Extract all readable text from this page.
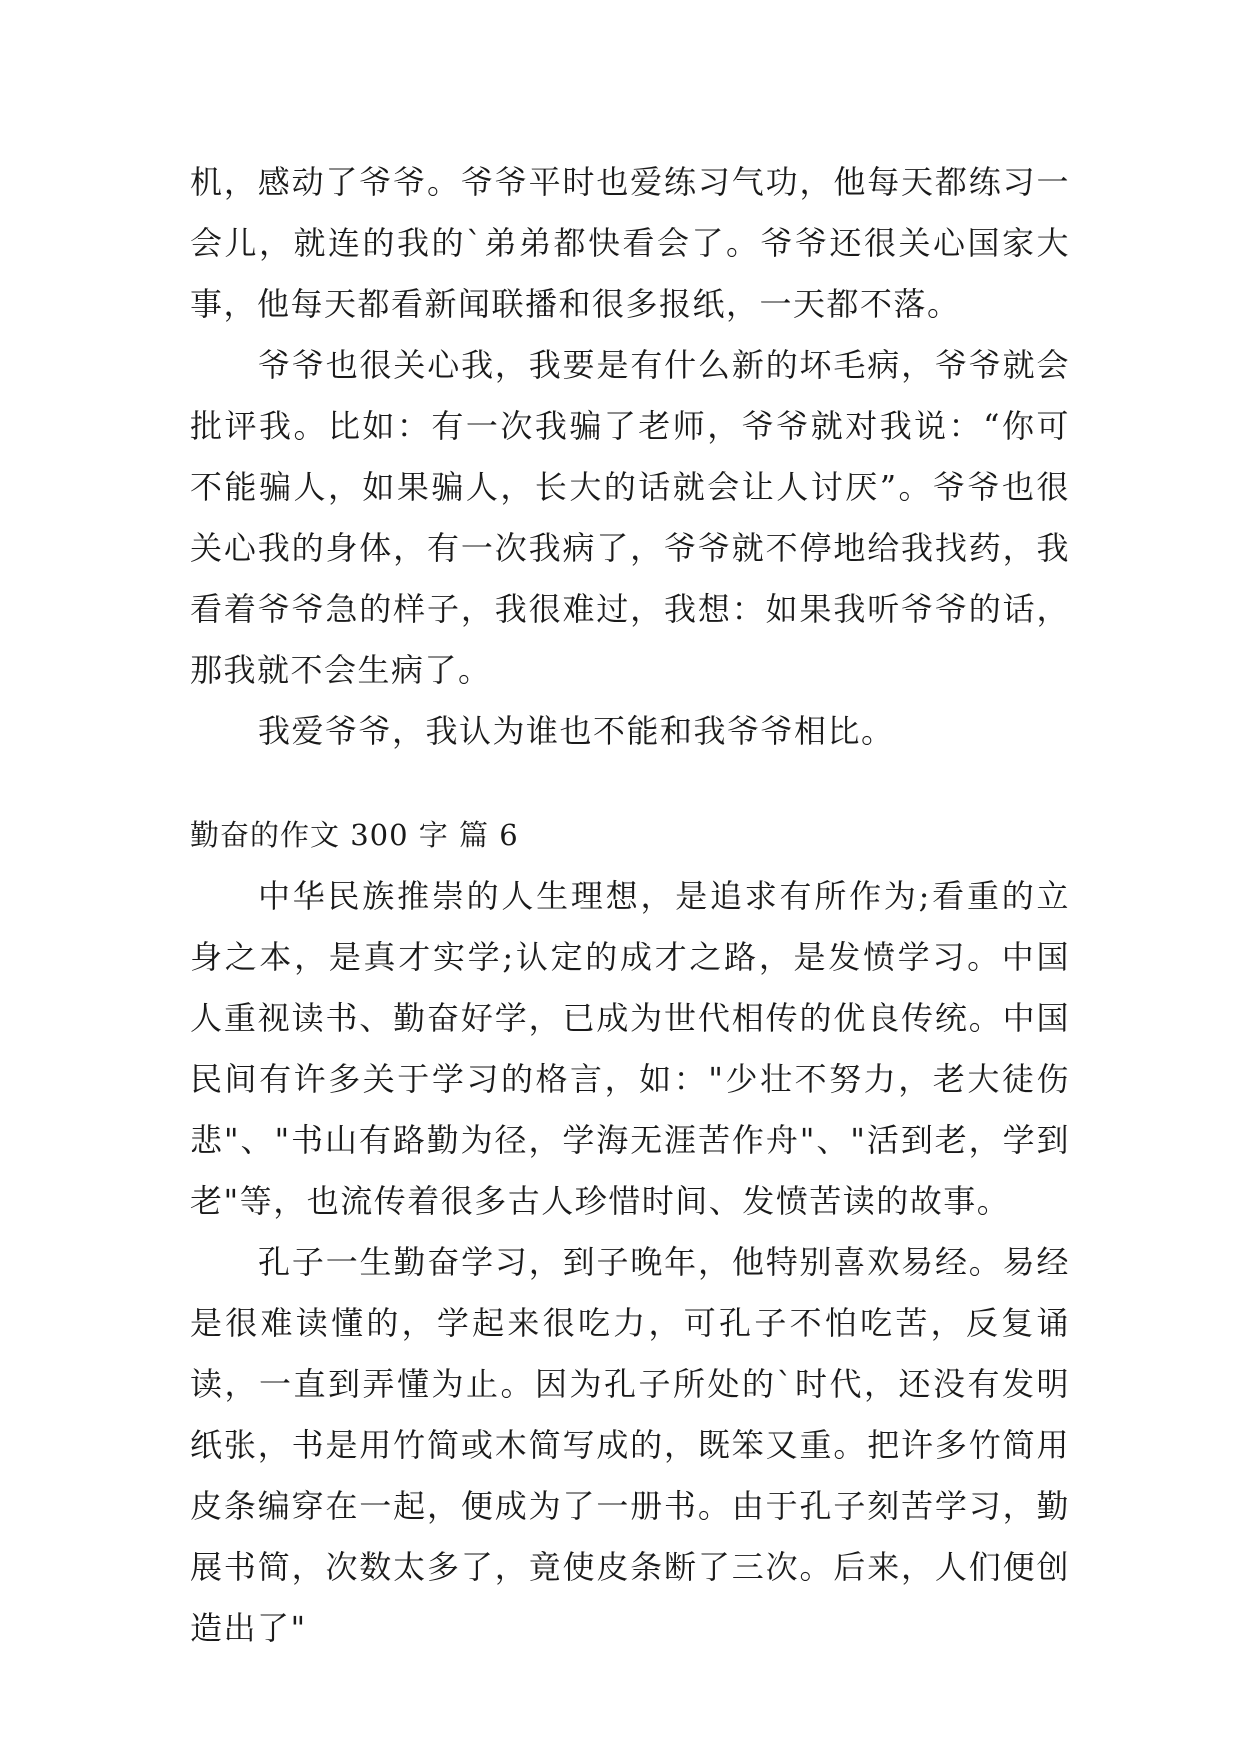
机，感动了爷爷。爷爷平时也爱练习气功，他每天都练习一会儿，就连的我的`弟弟都快看会了。爷爷还很关心国家大事，他每天都看新闻联播和很多报纸，一天都不落。

爷爷也很关心我，我要是有什么新的坏毛病，爷爷就会批评我。比如：有一次我骗了老师，爷爷就对我说：“你可不能骗人，如果骗人，长大的话就会让人讨厌”。爷爷也很关心我的身体，有一次我病了，爷爷就不停地给我找药，我看着爷爷急的样子，我很难过，我想：如果我听爷爷的话，那我就不会生病了。

我爱爷爷，我认为谁也不能和我爷爷相比。

勤奋的作文 300 字 篇 6

中华民族推崇的人生理想，是追求有所作为;看重的立身之本，是真才实学;认定的成才之路，是发愤学习。中国人重视读书、勤奋好学，已成为世代相传的优良传统。中国民间有许多关于学习的格言，如："少壮不努力，老大徒伤悲"、"书山有路勤为径，学海无涯苦作舟"、"活到老，学到老"等，也流传着很多古人珍惜时间、发愤苦读的故事。

孔子一生勤奋学习，到子晚年，他特别喜欢易经。易经是很难读懂的，学起来很吃力，可孔子不怕吃苦，反复诵读，一直到弄懂为止。因为孔子所处的`时代，还没有发明纸张，书是用竹简或木简写成的，既笨又重。把许多竹简用皮条编穿在一起，便成为了一册书。由于孔子刻苦学习，勤展书简，次数太多了，竟使皮条断了三次。后来，人们便创造出了"
